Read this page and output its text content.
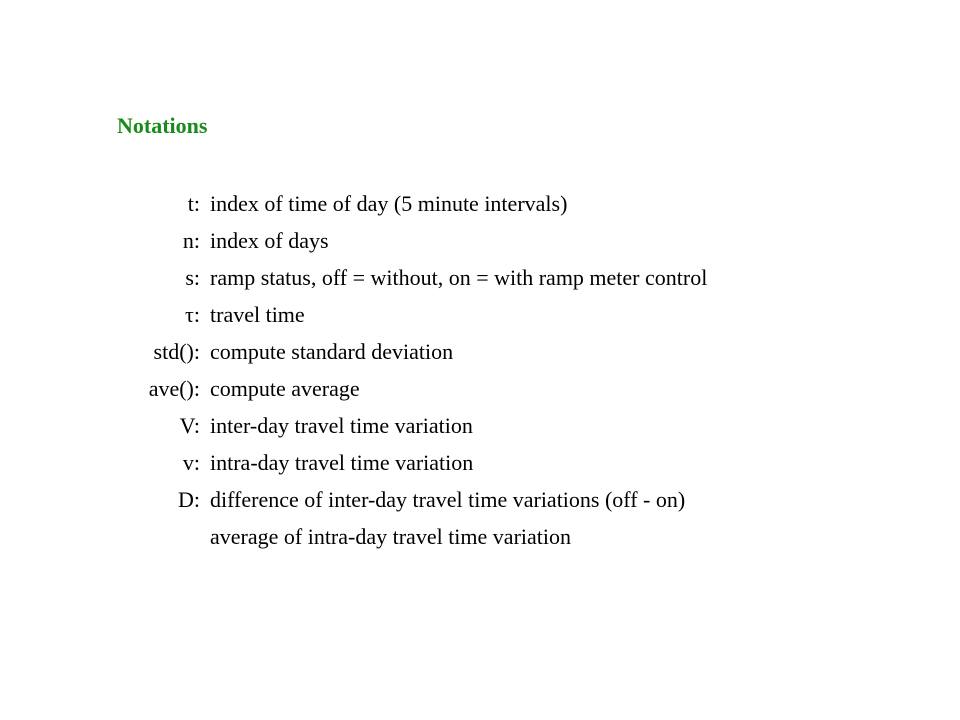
Notations
t: index of time of day (5 minute intervals)
n: index of days
s: ramp status, off = without, on = with ramp meter control
τ: travel time
std(): compute standard deviation
ave(): compute average
V: inter-day travel time variation
v: intra-day travel time variation
D: difference of inter-day travel time variations (off - on)
average of intra-day travel time variation
